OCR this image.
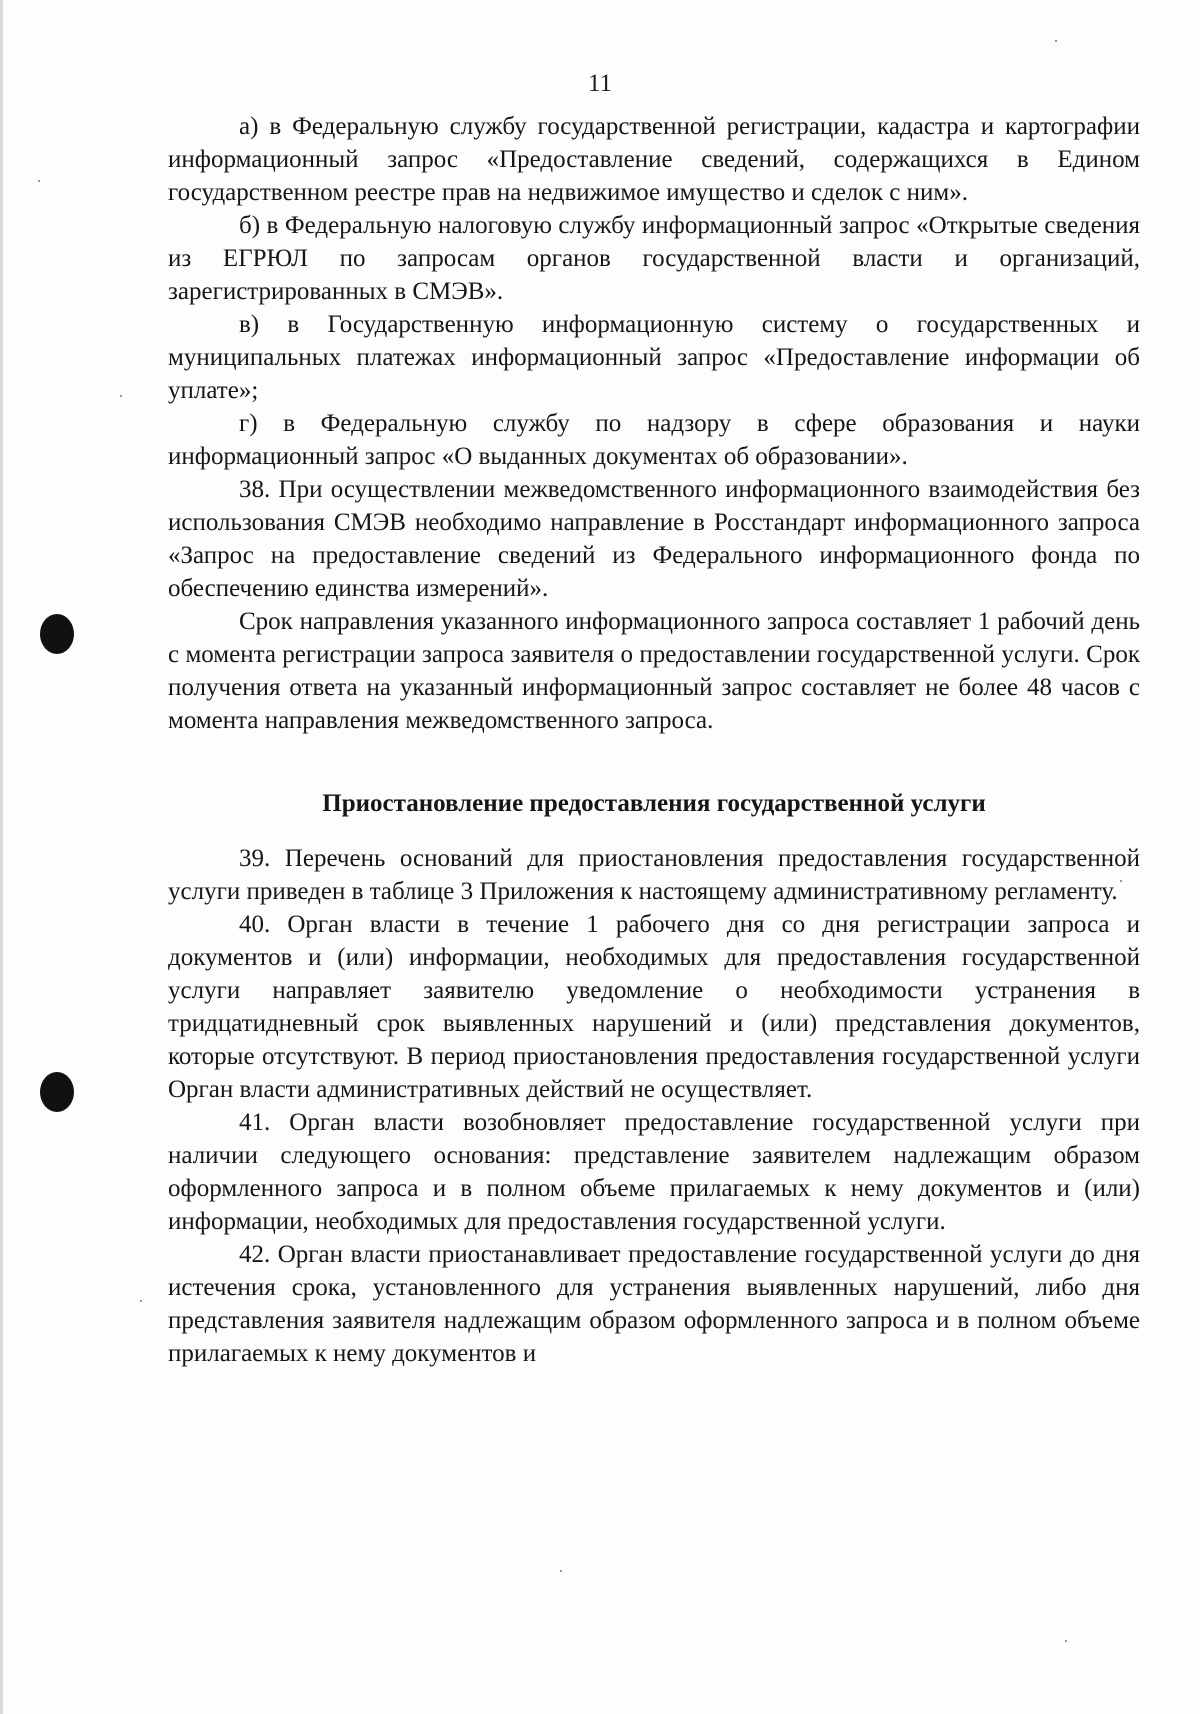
11

а) в Федеральную службу государственной регистрации, кадастра и картографии информационный запрос «Предоставление сведений, содержащихся в Едином государственном реестре прав на недвижимое имущество и сделок с ним».

б) в Федеральную налоговую службу информационный запрос «Открытые сведения из ЕГРЮЛ по запросам органов государственной власти и организаций, зарегистрированных в СМЭВ».

в) в Государственную информационную систему о государственных и муниципальных платежах информационный запрос «Предоставление информации об уплате»;

г) в Федеральную службу по надзору в сфере образования и науки информационный запрос «О выданных документах об образовании».

38. При осуществлении межведомственного информационного взаимодействия без использования СМЭВ необходимо направление в Росстандарт информационного запроса «Запрос на предоставление сведений из Федерального информационного фонда по обеспечению единства измерений».

Срок направления указанного информационного запроса составляет 1 рабочий день с момента регистрации запроса заявителя о предоставлении государственной услуги. Срок получения ответа на указанный информационный запрос составляет не более 48 часов с момента направления межведомственного запроса.

Приостановление предоставления государственной услуги

39. Перечень оснований для приостановления предоставления государственной услуги приведен в таблице 3 Приложения к настоящему административному регламенту.

40. Орган власти в течение 1 рабочего дня со дня регистрации запроса и документов и (или) информации, необходимых для предоставления государственной услуги направляет заявителю уведомление о необходимости устранения в тридцатидневный срок выявленных нарушений и (или) представления документов, которые отсутствуют. В период приостановления предоставления государственной услуги Орган власти административных действий не осуществляет.

41. Орган власти возобновляет предоставление государственной услуги при наличии следующего основания: представление заявителем надлежащим образом оформленного запроса и в полном объеме прилагаемых к нему документов и (или) информации, необходимых для предоставления государственной услуги.

42. Орган власти приостанавливает предоставление государственной услуги до дня истечения срока, установленного для устранения выявленных нарушений, либо дня представления заявителя надлежащим образом оформленного запроса и в полном объеме прилагаемых к нему документов и
